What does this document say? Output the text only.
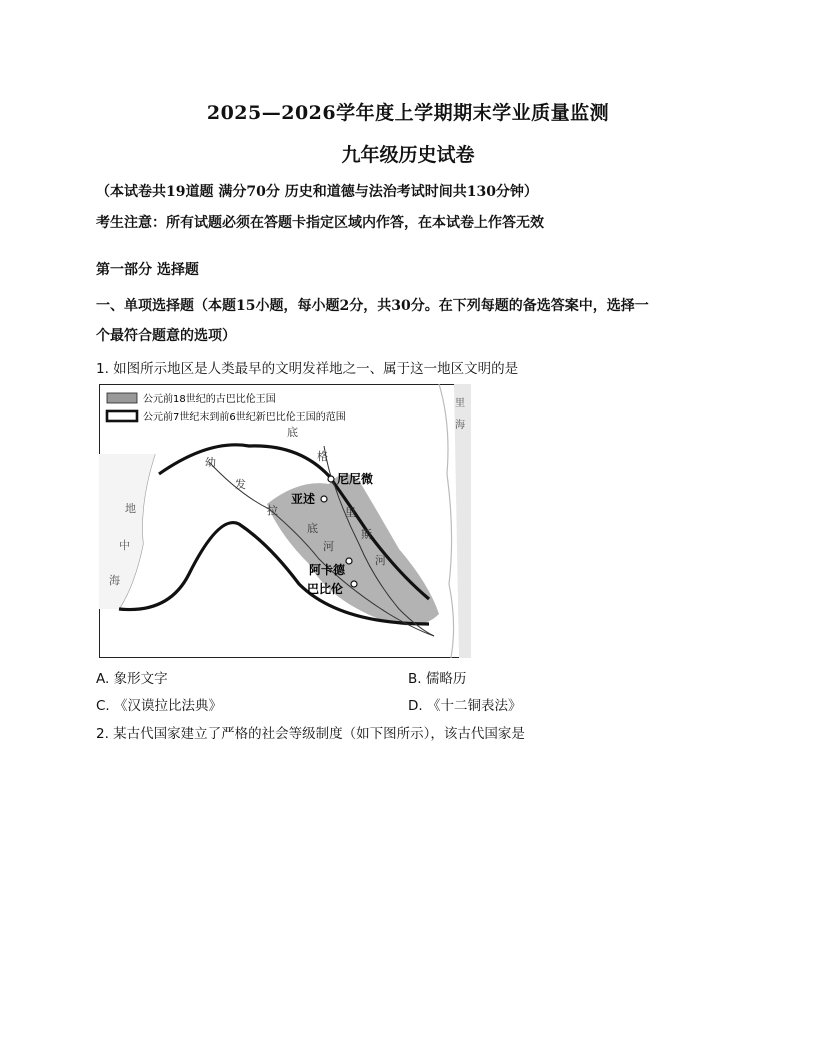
2025—2026学年度上学期期末学业质量监测
九年级历史试卷
（本试卷共19道题 满分70分 历史和道德与法治考试时间共130分钟）
考生注意：所有试题必须在答题卡指定区域内作答，在本试卷上作答无效
第一部分 选择题
一、单项选择题（本题15小题，每小题2分，共30分。在下列每题的备选答案中，选择一
个最符合题意的选项）
1. 如图所示地区是人类最早的文明发祥地之一、属于这一地区文明的是
公元前18世纪的古巴比伦王国
公元前7世纪末到前6世纪新巴比伦王国的范围
尼尼微
亚述
阿卡德
巴比伦
底
格
里
斯
河
幼
发
拉
底
河
地
中
海
里
海
A. 象形文字	B. 儒略历
C. 《汉谟拉比法典》	D. 《十二铜表法》
2. 某古代国家建立了严格的社会等级制度（如下图所示），该古代国家是
